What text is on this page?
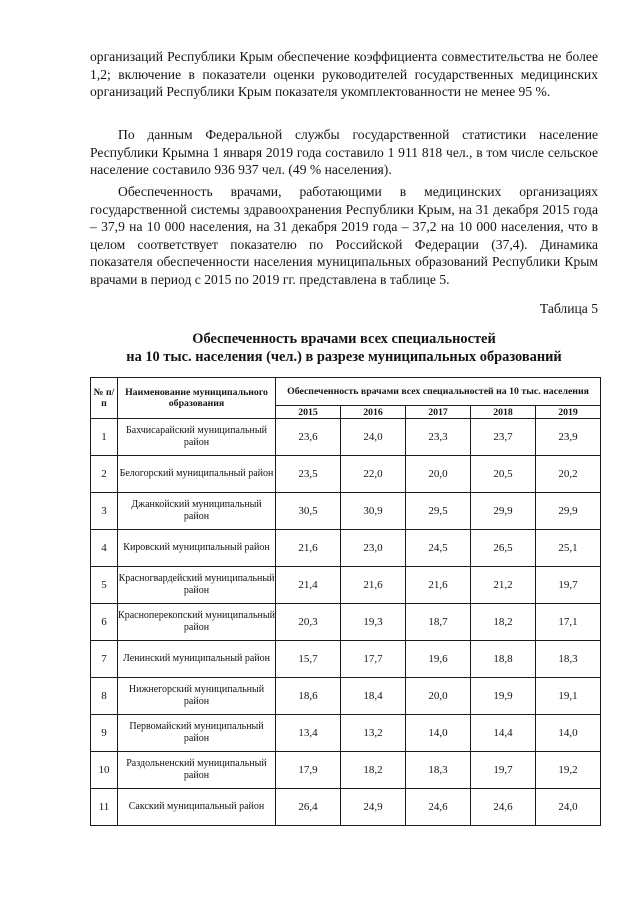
организаций Республики Крым обеспечение коэффициента совместительства не более 1,2; включение в показатели оценки руководителей государственных медицинских организаций Республики Крым показателя укомплектованности не менее 95 %.

По данным Федеральной службы государственной статистики население Республики Крымна 1 января 2019 года составило 1 911 818 чел., в том числе сельское население составило 936 937 чел. (49 % населения).

Обеспеченность врачами, работающими в медицинских организациях государственной системы здравоохранения Республики Крым, на 31 декабря 2015 года – 37,9 на 10 000 населения, на 31 декабря 2019 года – 37,2 на 10 000 населения, что в целом соответствует показателю по Российской Федерации (37,4). Динамика показателя обеспеченности населения муниципальных образований Республики Крым врачами в период с 2015 по 2019 гг. представлена в таблице 5.

Таблица 5
Обеспеченность врачами всех специальностей
на 10 тыс. населения (чел.) в разрезе муниципальных образований
№ п/п	Наименование муниципального образования	Обеспеченность врачами всех специальностей на 10 тыс. населения				
		2015	2016	2017	2018	2019
1	Бахчисарайский муниципальный район	23,6	24,0	23,3	23,7	23,9
2	Белогорский муниципальный район	23,5	22,0	20,0	20,5	20,2
3	Джанкойский муниципальный район	30,5	30,9	29,5	29,9	29,9
4	Кировский муниципальный район	21,6	23,0	24,5	26,5	25,1
5	Красногвардейский муниципальный район	21,4	21,6	21,6	21,2	19,7
6	Красноперекопский муниципальный район	20,3	19,3	18,7	18,2	17,1
7	Ленинский муниципальный район	15,7	17,7	19,6	18,8	18,3
8	Нижнегорский муниципальный район	18,6	18,4	20,0	19,9	19,1
9	Первомайский муниципальный район	13,4	13,2	14,0	14,4	14,0
10	Раздольненский муниципальный район	17,9	18,2	18,3	19,7	19,2
11	Сакский муниципальный район	26,4	24,9	24,6	24,6	24,0
